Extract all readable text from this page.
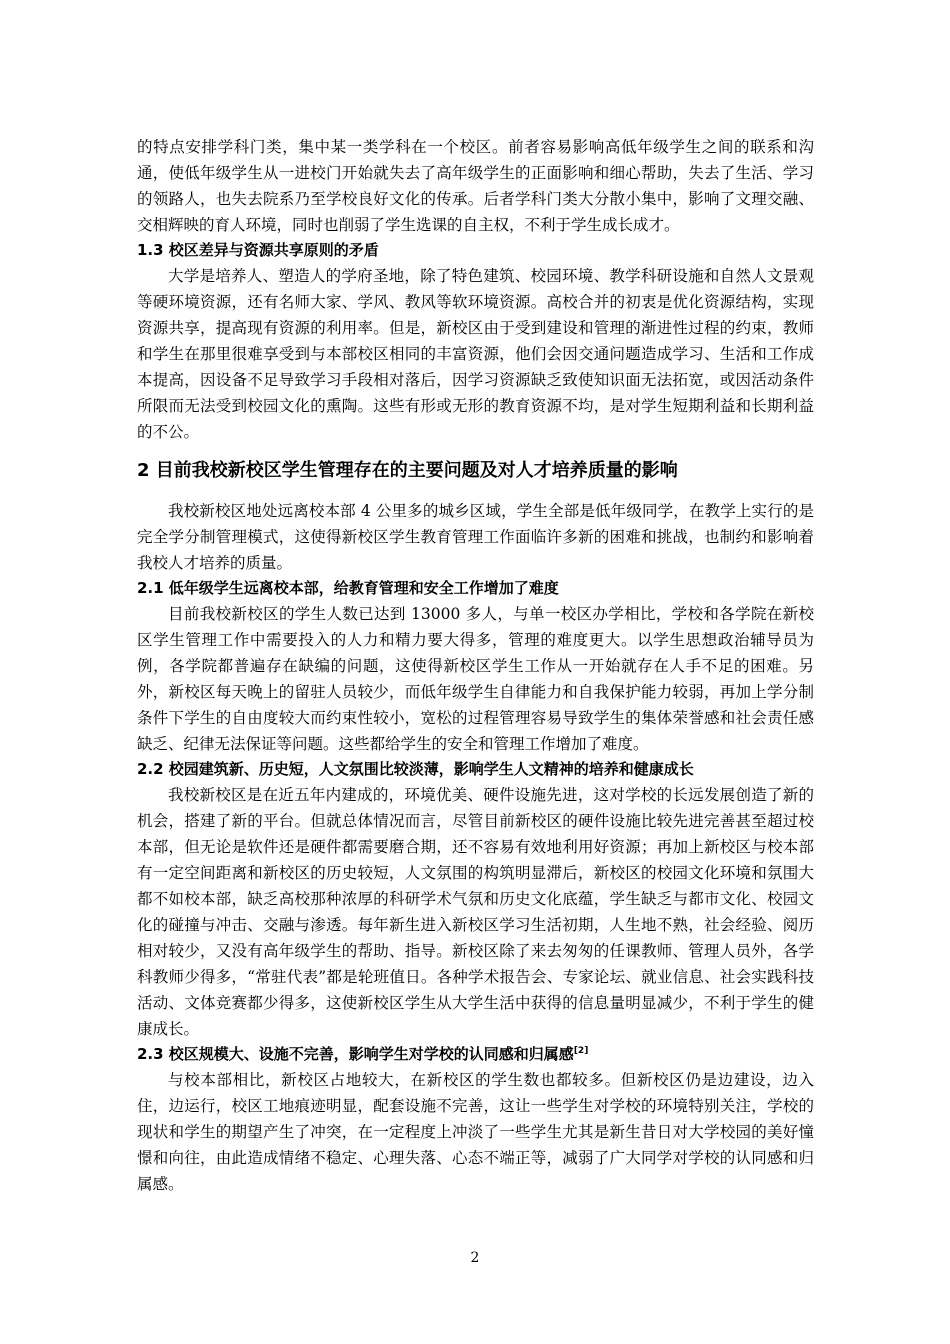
的特点安排学科门类，集中某一类学科在一个校区。前者容易影响高低年级学生之间的联系和沟通，使低年级学生从一进校门开始就失去了高年级学生的正面影响和细心帮助，失去了生活、学习的领路人，也失去院系乃至学校良好文化的传承。后者学科门类大分散小集中，影响了文理交融、交相辉映的育人环境，同时也削弱了学生选课的自主权，不利于学生成长成才。

1.3 校区差异与资源共享原则的矛盾

大学是培养人、塑造人的学府圣地，除了特色建筑、校园环境、教学科研设施和自然人文景观等硬环境资源，还有名师大家、学风、教风等软环境资源。高校合并的初衷是优化资源结构，实现资源共享，提高现有资源的利用率。但是，新校区由于受到建设和管理的渐进性过程的约束，教师和学生在那里很难享受到与本部校区相同的丰富资源，他们会因交通问题造成学习、生活和工作成本提高，因设备不足导致学习手段相对落后，因学习资源缺乏致使知识面无法拓宽，或因活动条件所限而无法受到校园文化的熏陶。这些有形或无形的教育资源不均，是对学生短期利益和长期利益的不公。

2 目前我校新校区学生管理存在的主要问题及对人才培养质量的影响

我校新校区地处远离校本部 4 公里多的城乡区域，学生全部是低年级同学，在教学上实行的是完全学分制管理模式，这使得新校区学生教育管理工作面临许多新的困难和挑战，也制约和影响着我校人才培养的质量。

2.1 低年级学生远离校本部，给教育管理和安全工作增加了难度

目前我校新校区的学生人数已达到 13000 多人，与单一校区办学相比，学校和各学院在新校区学生管理工作中需要投入的人力和精力要大得多，管理的难度更大。以学生思想政治辅导员为例，各学院都普遍存在缺编的问题，这使得新校区学生工作从一开始就存在人手不足的困难。另外，新校区每天晚上的留驻人员较少，而低年级学生自律能力和自我保护能力较弱，再加上学分制条件下学生的自由度较大而约束性较小，宽松的过程管理容易导致学生的集体荣誉感和社会责任感缺乏、纪律无法保证等问题。这些都给学生的安全和管理工作增加了难度。

2.2 校园建筑新、历史短，人文氛围比较淡薄，影响学生人文精神的培养和健康成长

我校新校区是在近五年内建成的，环境优美、硬件设施先进，这对学校的长远发展创造了新的机会，搭建了新的平台。但就总体情况而言，尽管目前新校区的硬件设施比较先进完善甚至超过校本部，但无论是软件还是硬件都需要磨合期，还不容易有效地利用好资源；再加上新校区与校本部有一定空间距离和新校区的历史较短，人文氛围的构筑明显滞后，新校区的校园文化环境和氛围大都不如校本部，缺乏高校那种浓厚的科研学术气氛和历史文化底蕴，学生缺乏与都市文化、校园文化的碰撞与冲击、交融与渗透。每年新生进入新校区学习生活初期，人生地不熟，社会经验、阅历相对较少，又没有高年级学生的帮助、指导。新校区除了来去匆匆的任课教师、管理人员外，各学科教师少得多，“常驻代表”都是轮班值日。各种学术报告会、专家论坛、就业信息、社会实践科技活动、文体竞赛都少得多，这使新校区学生从大学生活中获得的信息量明显减少，不利于学生的健康成长。

2.3 校区规模大、设施不完善，影响学生对学校的认同感和归属感[2]

与校本部相比，新校区占地较大，在新校区的学生数也都较多。但新校区仍是边建设，边入住，边运行，校区工地痕迹明显，配套设施不完善，这让一些学生对学校的环境特别关注，学校的现状和学生的期望产生了冲突，在一定程度上冲淡了一些学生尤其是新生昔日对大学校园的美好憧憬和向往，由此造成情绪不稳定、心理失落、心态不端正等，减弱了广大同学对学校的认同感和归属感。

2
